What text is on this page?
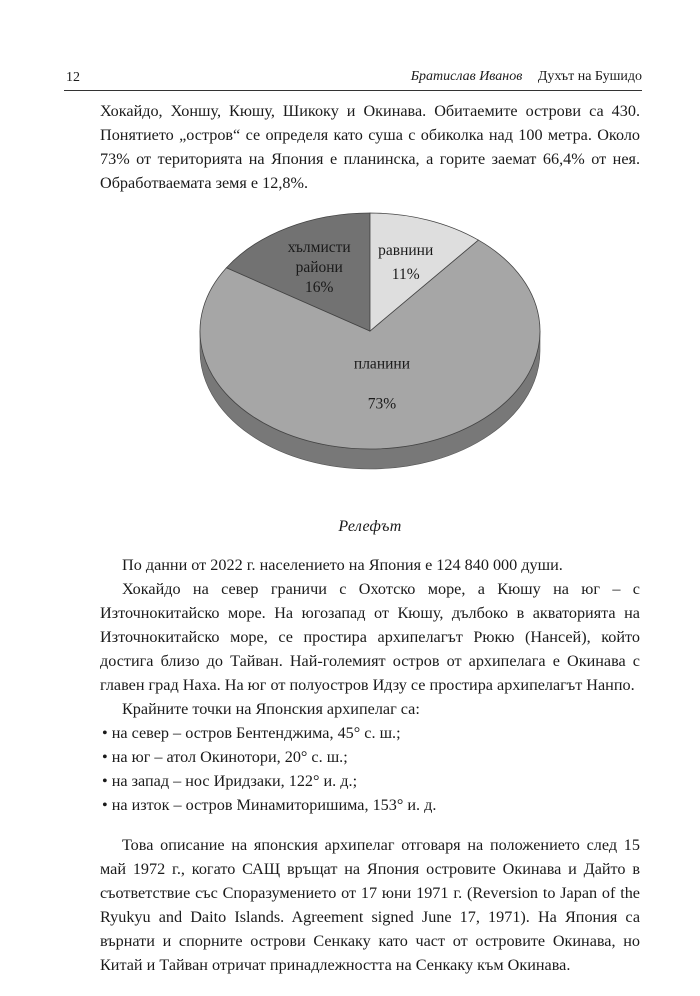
12	Братислав Иванов Духът на Бушидо

Хокайдо, Хоншу, Кюшу, Шикоку и Окинава. Обитаемите острови са 430. Понятието „остров“ се определя като суша с обиколка над 100 метра. Около 73% от територията на Япония е планинска, а горите заемат 66,4% от нея. Обработваемата земя е 12,8%.

планини
73%
хълмисти
райони
16%
равнини
11%
Релефът

По данни от 2022 г. населението на Япония е 124 840 000 души.

Хокайдо на север граничи с Охотско море, а Кюшу на юг – с Източнокитайско море. На югозапад от Кюшу, дълбоко в акваторията на Източнокитайско море, се простира архипелагът Рюкю (Нансей), който достига близо до Тайван. Най-големият остров от архипелага е Окинава с главен град Наха. На юг от полуостров Идзу се простира архипелагът Нанпо.

Крайните точки на Японския архипелаг са:

• на север – остров Бентенджима, 45° с. ш.;
• на юг – атол Окинотори, 20° с. ш.;
• на запад – нос Иридзаки, 122° и. д.;
• на изток – остров Минамиторишима, 153° и. д.

Това описание на японския архипелаг отговаря на положението след 15 май 1972 г., когато САЩ връщат на Япония островите Окинава и Дайто в съответствие със Споразумението от 17 юни 1971 г. (Reversion to Japan of the Ryukyu and Daito Islands. Agreement signed June 17, 1971). На Япония са върнати и спорните острови Сенкаку като част от островите Окинава, но Китай и Тайван отричат принадлежността на Сенкаку към Окинава.
